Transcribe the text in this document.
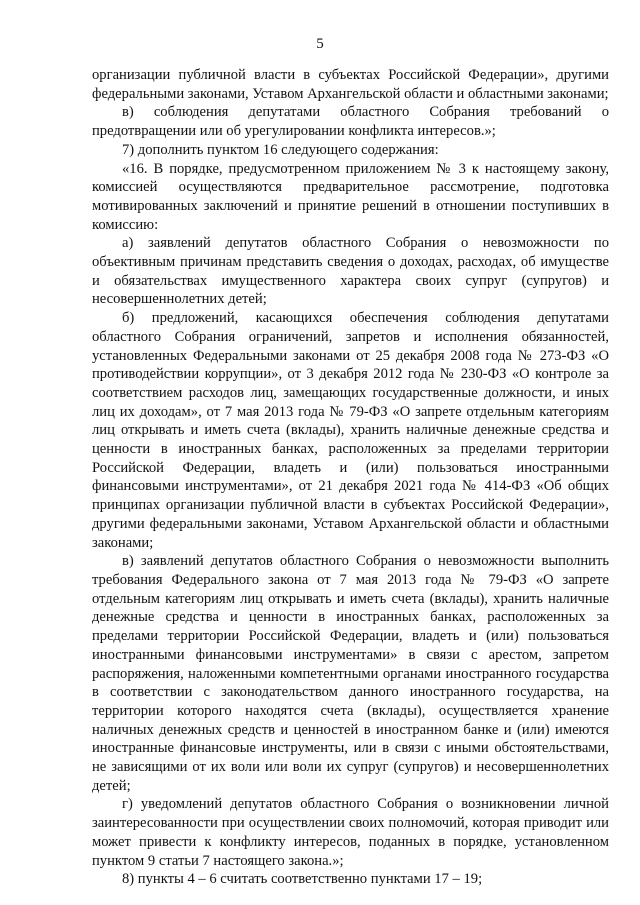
5

организации публичной власти в субъектах Российской Федерации», другими федеральными законами, Уставом Архангельской области и областными законами;

в) соблюдения депутатами областного Собрания требований о предотвращении или об урегулировании конфликта интересов.»;

7) дополнить пунктом 16 следующего содержания:

«16. В порядке, предусмотренном приложением № 3 к настоящему закону, комиссией осуществляются предварительное рассмотрение, подготовка мотивированных заключений и принятие решений в отношении поступивших в комиссию:

а) заявлений депутатов областного Собрания о невозможности по объективным причинам представить сведения о доходах, расходах, об имуществе и обязательствах имущественного характера своих супруг (супругов) и несовершеннолетних детей;

б) предложений, касающихся обеспечения соблюдения депутатами областного Собрания ограничений, запретов и исполнения обязанностей, установленных Федеральными законами от 25 декабря 2008 года № 273-ФЗ «О противодействии коррупции», от 3 декабря 2012 года № 230-ФЗ «О контроле за соответствием расходов лиц, замещающих государственные должности, и иных лиц их доходам», от 7 мая 2013 года № 79-ФЗ «О запрете отдельным категориям лиц открывать и иметь счета (вклады), хранить наличные денежные средства и ценности в иностранных банках, расположенных за пределами территории Российской Федерации, владеть и (или) пользоваться иностранными финансовыми инструментами», от 21 декабря 2021 года № 414-ФЗ «Об общих принципах организации публичной власти в субъектах Российской Федерации», другими федеральными законами, Уставом Архангельской области и областными законами;

в) заявлений депутатов областного Собрания о невозможности выполнить требования Федерального закона от 7 мая 2013 года № 79-ФЗ «О запрете отдельным категориям лиц открывать и иметь счета (вклады), хранить наличные денежные средства и ценности в иностранных банках, расположенных за пределами территории Российской Федерации, владеть и (или) пользоваться иностранными финансовыми инструментами» в связи с арестом, запретом распоряжения, наложенными компетентными органами иностранного государства в соответствии с законодательством данного иностранного государства, на территории которого находятся счета (вклады), осуществляется хранение наличных денежных средств и ценностей в иностранном банке и (или) имеются иностранные финансовые инструменты, или в связи с иными обстоятельствами, не зависящими от их воли или воли их супруг (супругов) и несовершеннолетних детей;

г) уведомлений депутатов областного Собрания о возникновении личной заинтересованности при осуществлении своих полномочий, которая приводит или может привести к конфликту интересов, поданных в порядке, установленном пунктом 9 статьи 7 настоящего закона.»;

8) пункты 4 – 6 считать соответственно пунктами 17 – 19;
